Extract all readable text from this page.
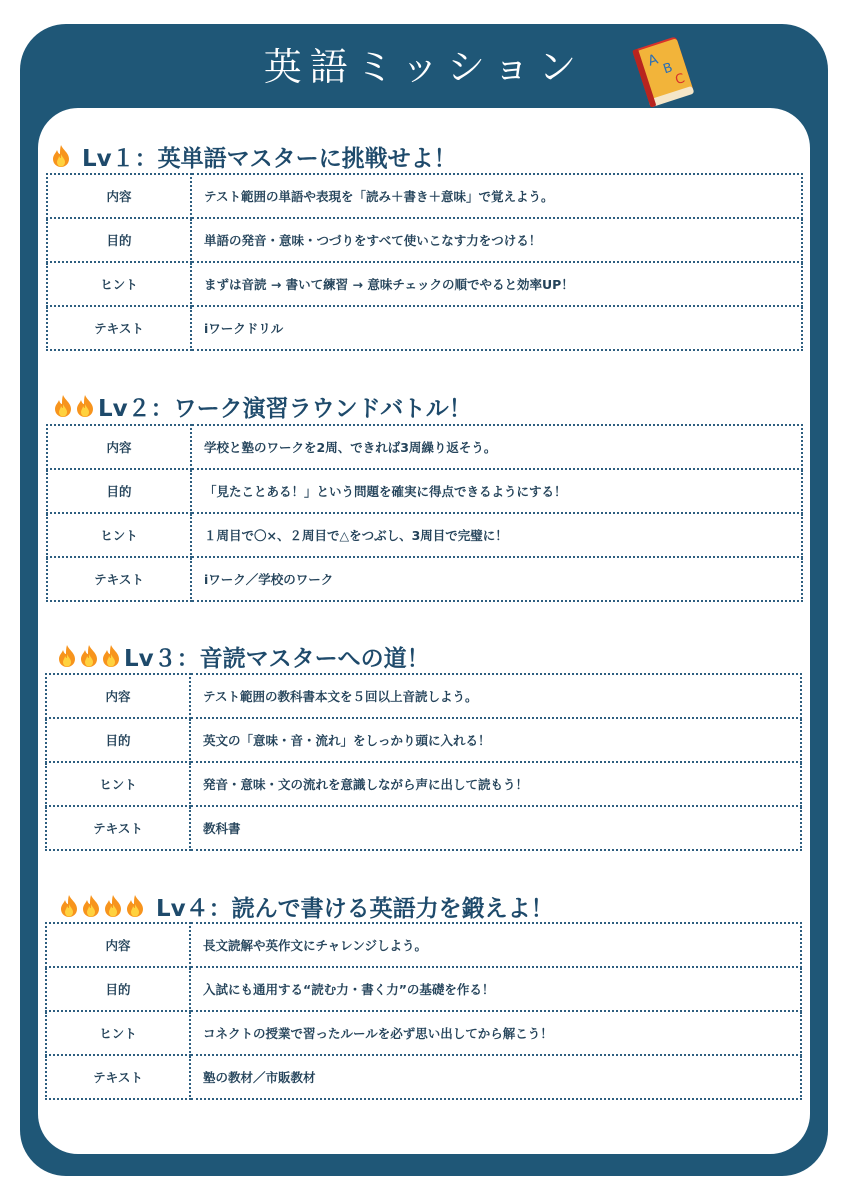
英語ミッション	A B
C
Lv１：英単語マスターに挑戦せよ！
内容	テスト範囲の単語や表現を「読み＋書き＋意味」で覚えよう。
目的	単語の発音・意味・つづりをすべて使いこなす力をつける！
ヒント	まずは音読 → 書いて練習 → 意味チェックの順でやると効率UP！
テキスト	iワークドリル
Lv２：ワーク演習ラウンドバトル！
内容	学校と塾のワークを2周、できれば3周繰り返そう。
目的	「見たことある！」という問題を確実に得点できるようにする！
ヒント	１周目で〇×、２周目で△をつぶし、3周目で完璧に！
テキスト	iワーク／学校のワーク
Lv３：音読マスターへの道！
内容	テスト範囲の教科書本文を５回以上音読しよう。
目的	英文の「意味・音・流れ」をしっかり頭に入れる！
ヒント	発音・意味・文の流れを意識しながら声に出して読もう！
テキスト	教科書
Lv４：読んで書ける英語力を鍛えよ！
内容	長文読解や英作文にチャレンジしよう。
目的	入試にも通用する“読む力・書く力”の基礎を作る！
ヒント	コネクトの授業で習ったルールを必ず思い出してから解こう！
テキスト	塾の教材／市販教材
